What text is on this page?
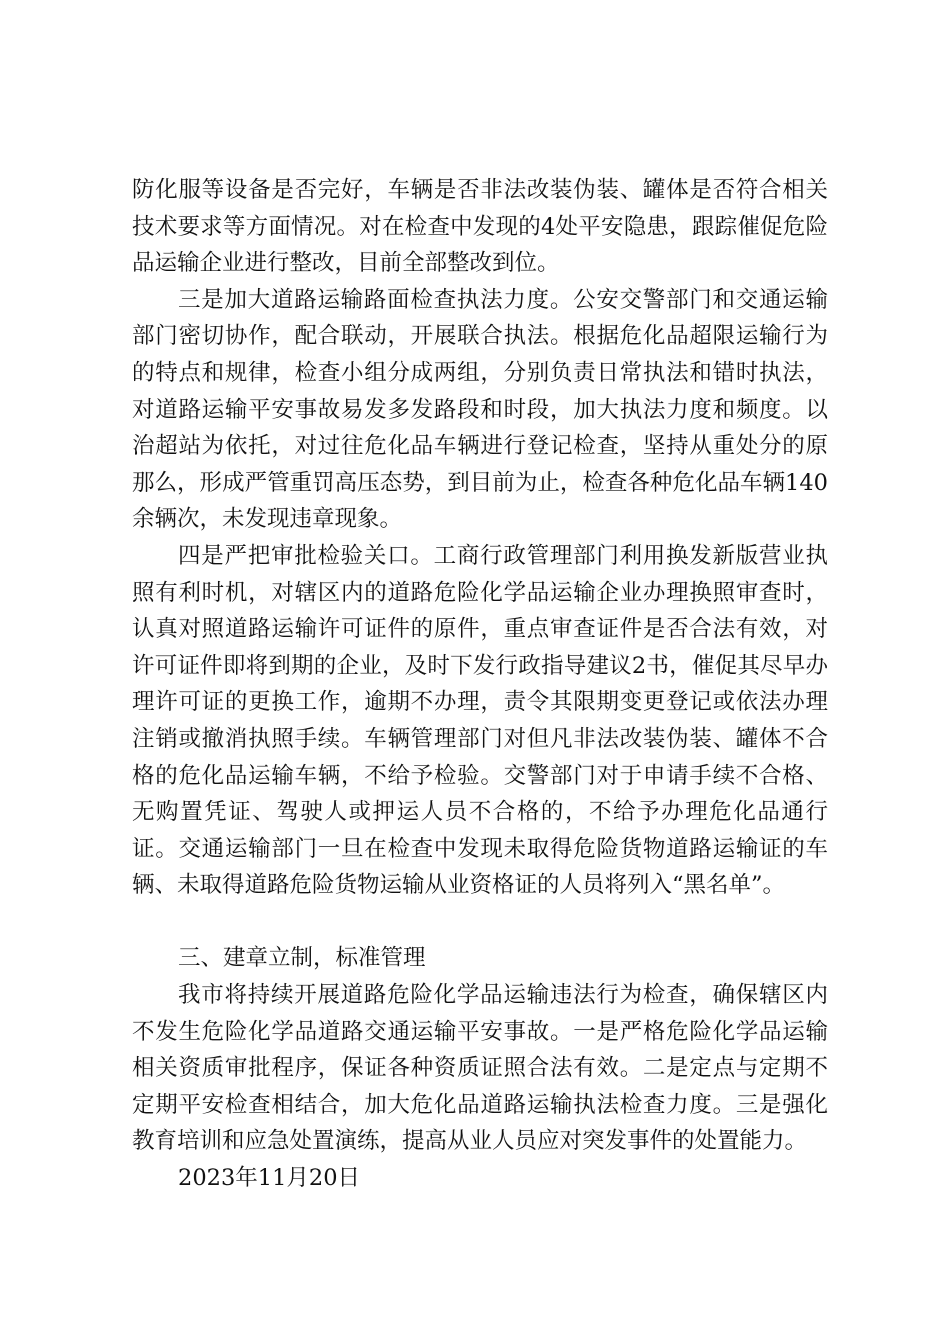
防化服等设备是否完好，车辆是否非法改装伪装、罐体是否符合相关技术要求等方面情况。对在检查中发现的4处平安隐患，跟踪催促危险品运输企业进行整改，目前全部整改到位。

三是加大道路运输路面检查执法力度。公安交警部门和交通运输部门密切协作，配合联动，开展联合执法。根据危化品超限运输行为的特点和规律，检查小组分成两组，分别负责日常执法和错时执法，对道路运输平安事故易发多发路段和时段，加大执法力度和频度。以治超站为依托，对过往危化品车辆进行登记检查，坚持从重处分的原那么，形成严管重罚高压态势，到目前为止，检查各种危化品车辆140余辆次，未发现违章现象。

四是严把审批检验关口。工商行政管理部门利用换发新版营业执照有利时机，对辖区内的道路危险化学品运输企业办理换照审查时，认真对照道路运输许可证件的原件，重点审查证件是否合法有效，对许可证件即将到期的企业，及时下发行政指导建议2书，催促其尽早办理许可证的更换工作，逾期不办理，责令其限期变更登记或依法办理注销或撤消执照手续。车辆管理部门对但凡非法改装伪装、罐体不合格的危化品运输车辆，不给予检验。交警部门对于申请手续不合格、无购置凭证、驾驶人或押运人员不合格的，不给予办理危化品通行证。交通运输部门一旦在检查中发现未取得危险货物道路运输证的车辆、未取得道路危险货物运输从业资格证的人员将列入“黑名单”。

三、建章立制，标准管理

我市将持续开展道路危险化学品运输违法行为检查，确保辖区内不发生危险化学品道路交通运输平安事故。一是严格危险化学品运输相关资质审批程序，保证各种资质证照合法有效。二是定点与定期不定期平安检查相结合，加大危化品道路运输执法检查力度。三是强化教育培训和应急处置演练，提高从业人员应对突发事件的处置能力。

2023年11月20日
